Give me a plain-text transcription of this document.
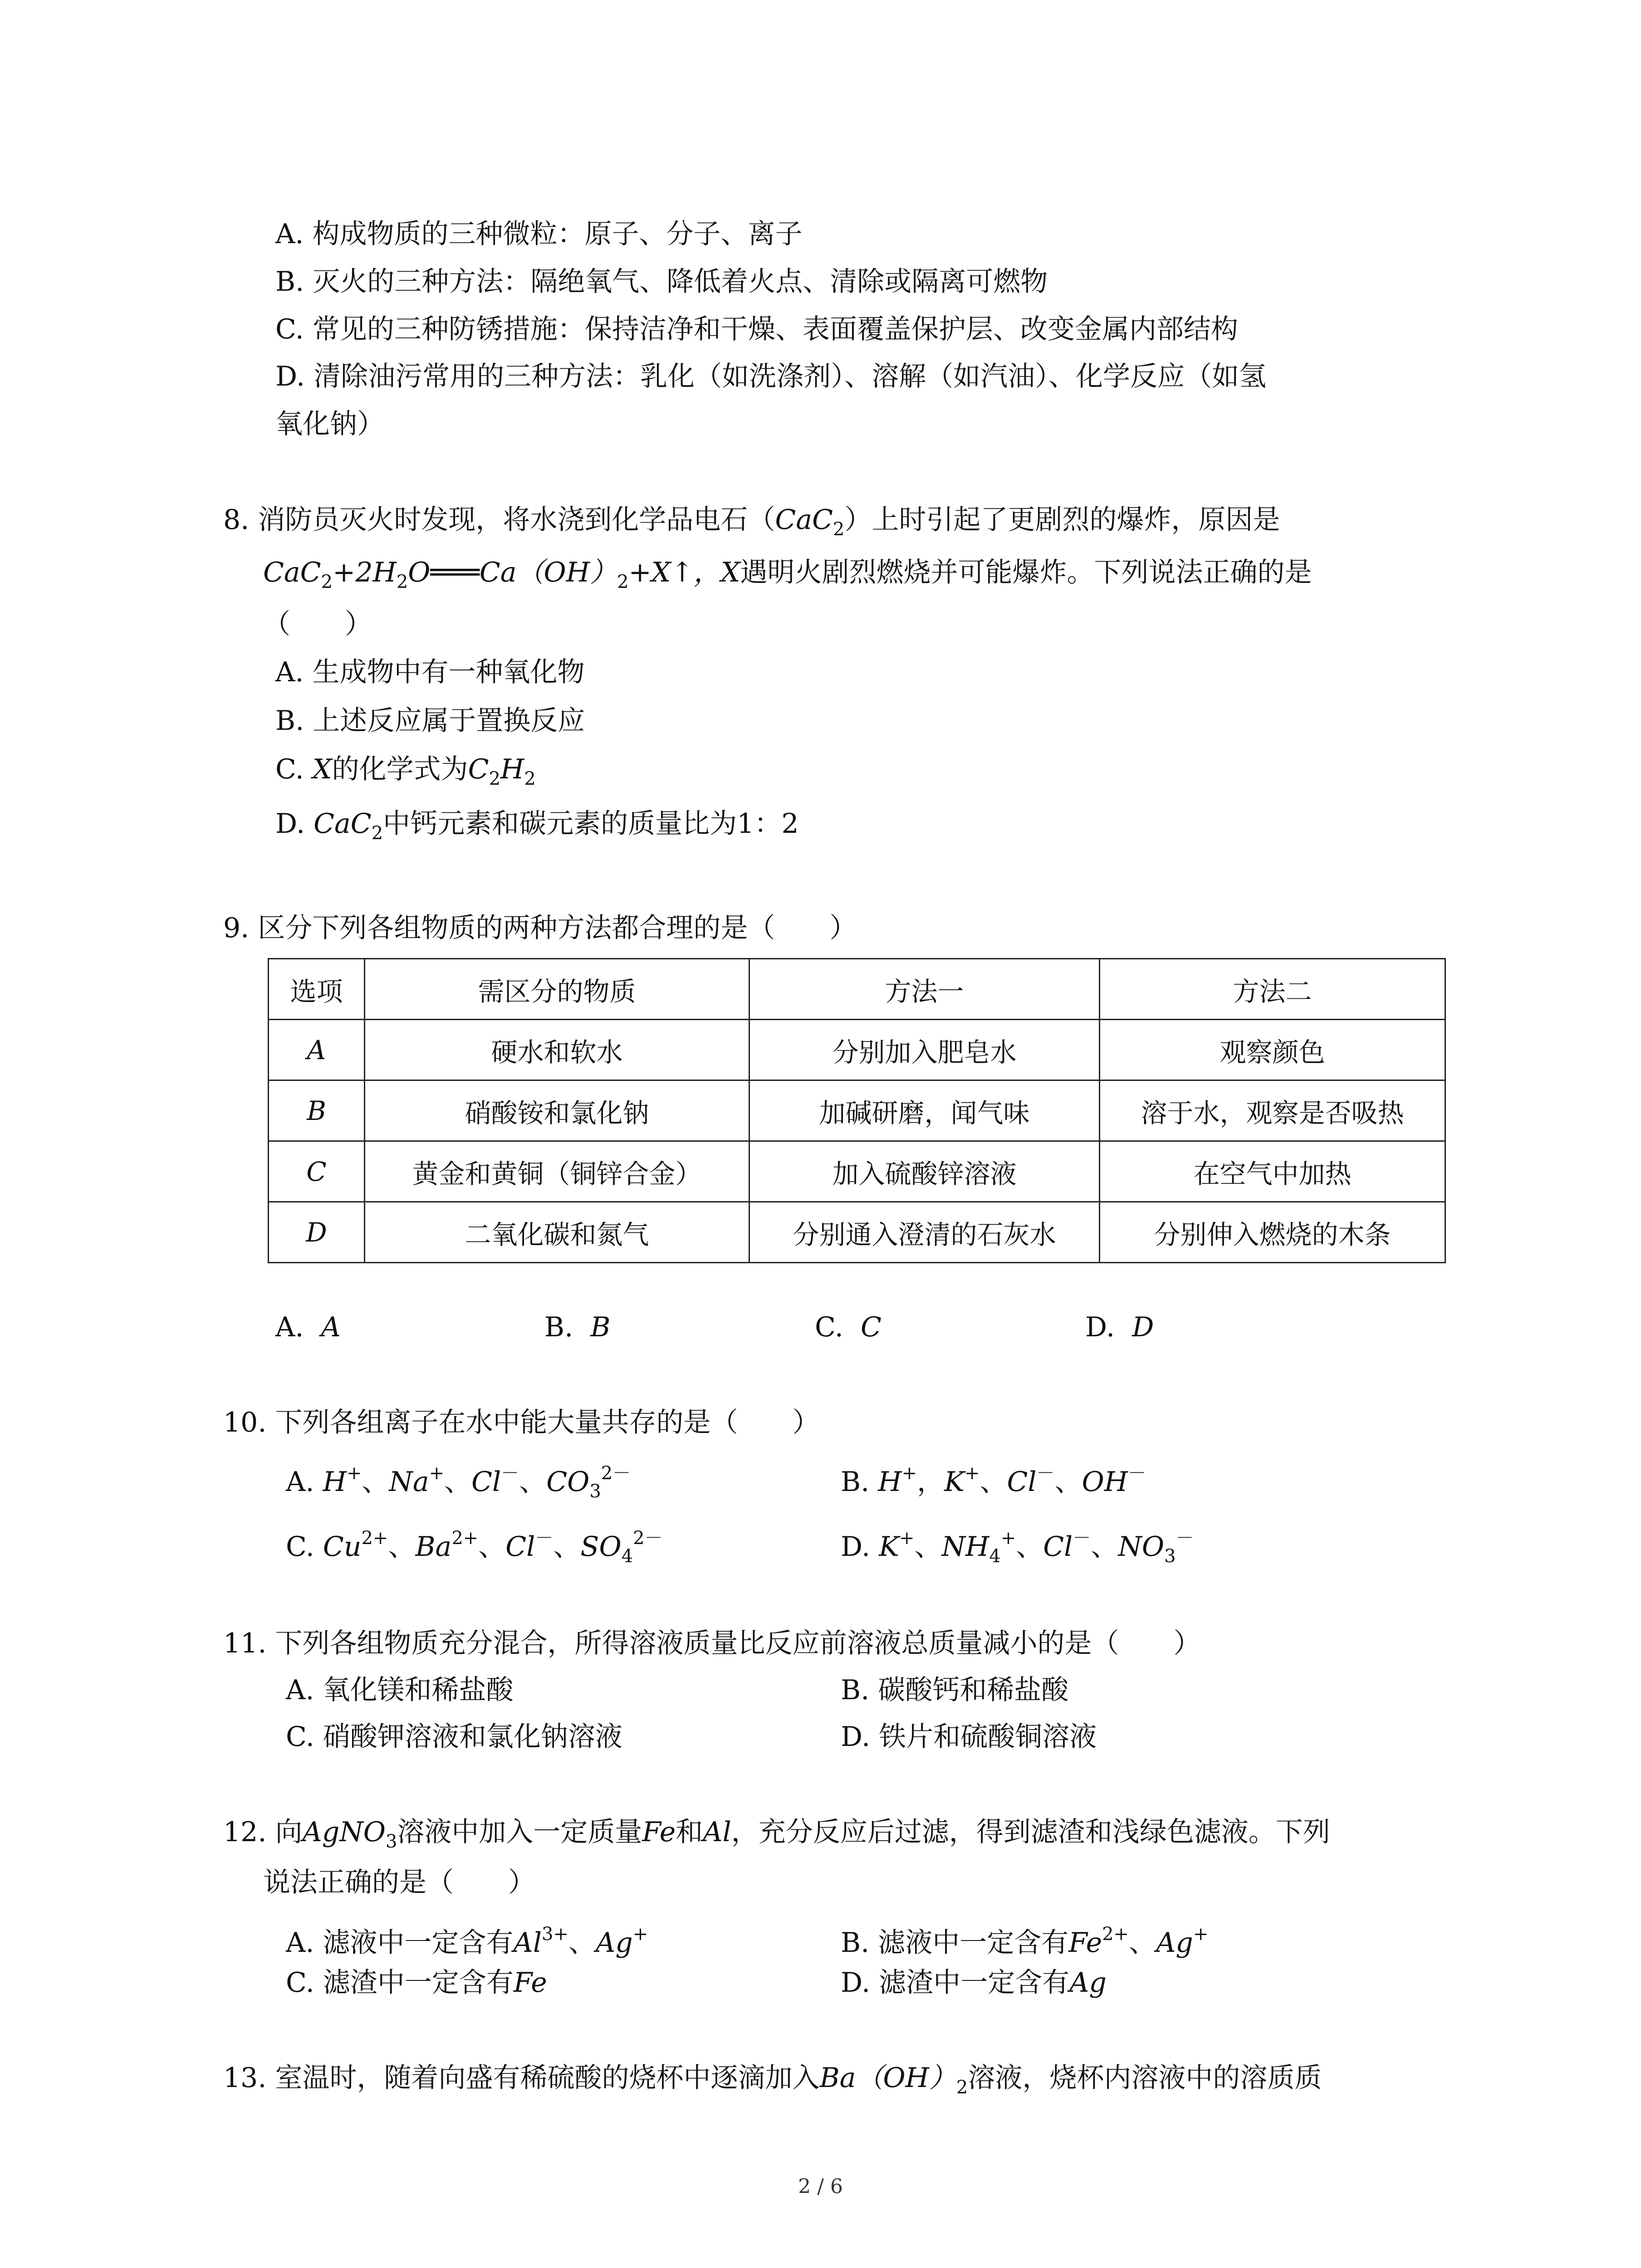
A. 构成物质的三种微粒：原子、分子、离子
B. 灭火的三种方法：隔绝氧气、降低着火点、清除或隔离可燃物
C. 常见的三种防锈措施：保持洁净和干燥、表面覆盖保护层、改变金属内部结构
D. 清除油污常用的三种方法：乳化（如洗涤剂）、溶解（如汽油）、化学反应（如氢
氧化钠）
8. 消防员灭火时发现，将水浇到化学品电石（CaC$_2$）上时引起了更剧烈的爆炸，原因是
$CaC_2+2H_2O═══Ca(OH)_2+X↑$，X遇明火剧烈燃烧并可能爆炸。下列说法正确的是
（　　）
A. 生成物中有一种氧化物
B. 上述反应属于置换反应
C. X的化学式为$C_2H_2$
D. CaC$_2$中钙元素和碳元素的质量比为1：2
9. 区分下列各组物质的两种方法都合理的是（　　）
选项	需区分的物质	方法一	方法二
A	硬水和软水	分别加入肥皂水	观察颜色
B	硝酸铵和氯化钠	加碱研磨，闻气味	溶于水，观察是否吸热
C	黄金和黄铜（铜锌合金）	加入硫酸锌溶液	在空气中加热
D	二氧化碳和氮气	分别通入澄清的石灰水	分别伸入燃烧的木条
A. A	B. B	C. C	D. D
10. 下列各组离子在水中能大量共存的是（　　）
A. H+、Na+、Cl－、$CO_3^{2-}$	B. H+，K+、Cl－、OH－
C. $Cu^{2+}$、$Ba^{2+}$、Cl－、$SO_4^{2-}$	D. K+、$NH_4^+$、Cl－、$NO_3^-$
11. 下列各组物质充分混合，所得溶液质量比反应前溶液总质量减小的是（　　）
A. 氧化镁和稀盐酸	B. 碳酸钙和稀盐酸
C. 硝酸钾溶液和氯化钠溶液	D. 铁片和硫酸铜溶液
12. 向AgNO$_3$溶液中加入一定质量Fe和Al，充分反应后过滤，得到滤渣和浅绿色滤液。下列
说法正确的是（　　）
A. 滤液中一定含有$Al^{3+}$、Ag+	B. 滤液中一定含有$Fe^{2+}$、Ag+
C. 滤渣中一定含有Fe	D. 滤渣中一定含有Ag
13. 室温时，随着向盛有稀硫酸的烧杯中逐滴加入$Ba(OH)_2$溶液，烧杯内溶液中的溶质质
2 / 6
